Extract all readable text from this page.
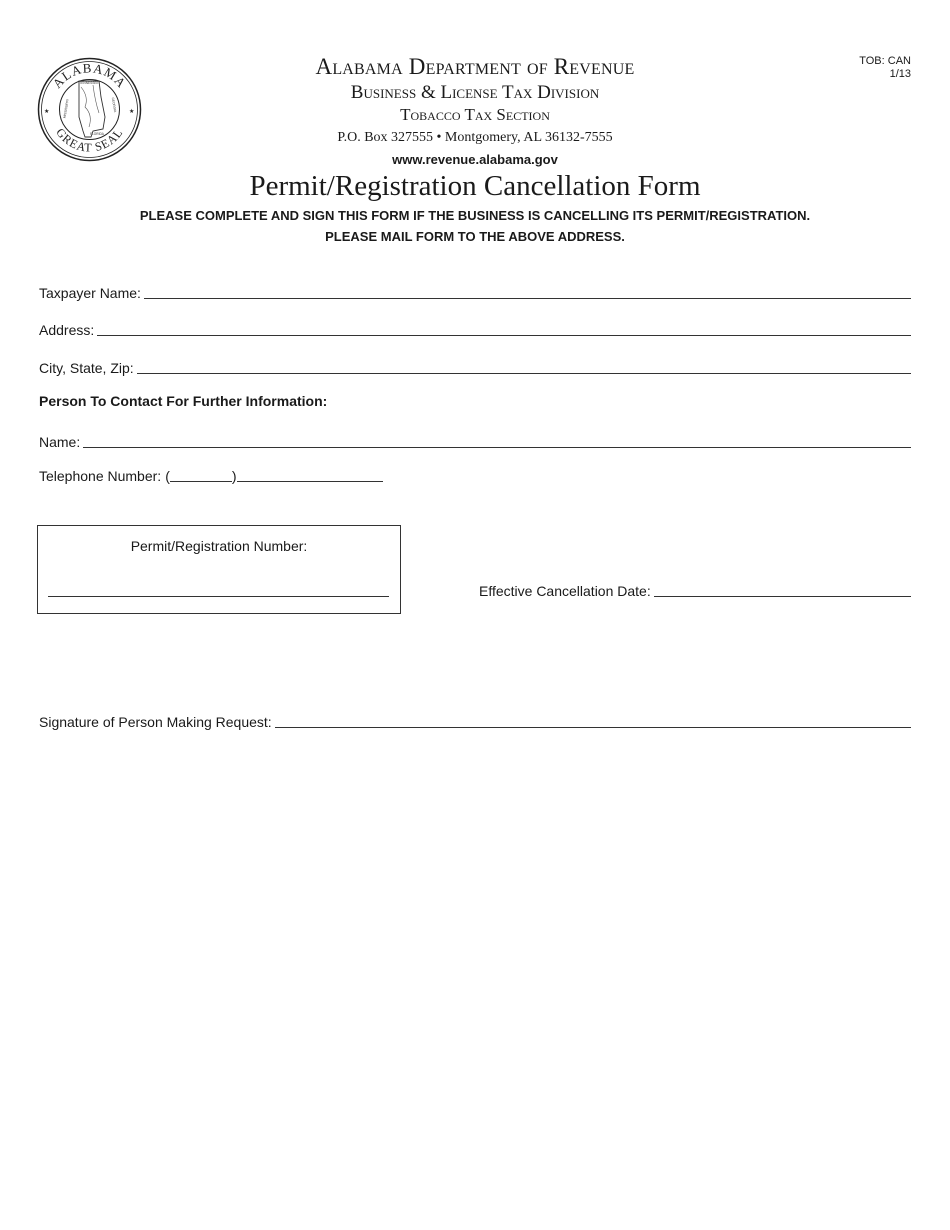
ALABAMA
GREAT SEAL
★	★
TENNESSEE
MISSISSIPPI	GEORGIA
FLORIDA
TOB: CAN
1/13
Alabama Department of Revenue
Business & License Tax Division
Tobacco Tax Section
P.O. Box 327555 • Montgomery, AL 36132-7555
www.revenue.alabama.gov
Permit/Registration Cancellation Form
PLEASE COMPLETE AND SIGN THIS FORM IF THE BUSINESS IS CANCELLING ITS PERMIT/REGISTRATION.
PLEASE MAIL FORM TO THE ABOVE ADDRESS.
Taxpayer Name:
Address:
City, State, Zip:
Person To Contact For Further Information:
Name:
Telephone Number: (	)
Permit/Registration Number:
Effective Cancellation Date:
Signature of Person Making Request:
